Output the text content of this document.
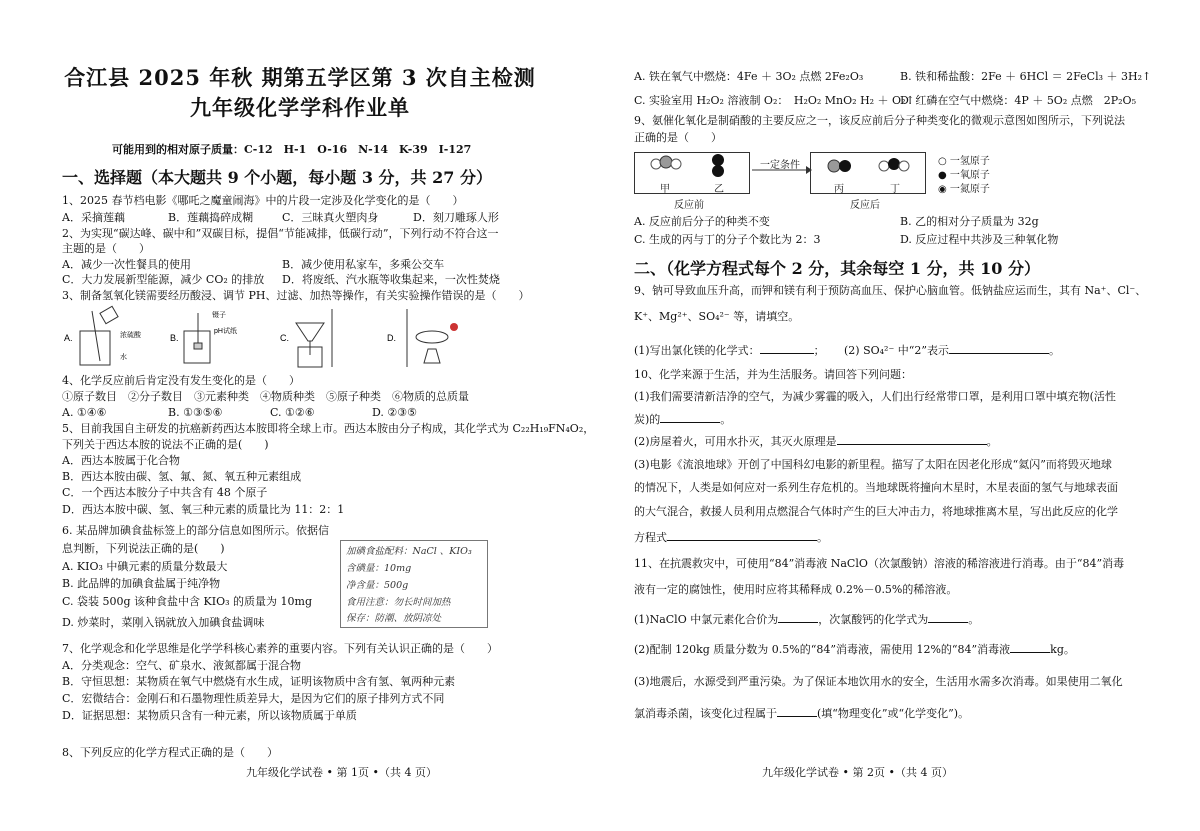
合江县 2025 年秋 期第五学区第 3 次自主检测
九年级化学学科作业单
可能用到的相对原子质量：C-12　H-1　O-16　N-14　K-39　I-127
一、选择题（本大题共 9 个小题，每小题 3 分，共 27 分）
1、2025 春节档电影《哪吒之魔童闹海》中的片段一定涉及化学变化的是（　　）
A．采摘莲藕	B．莲藕捣碎成糊	C．三昧真火塑肉身	D．刻刀雕琢人形
2、为实现“碳达峰、碳中和”双碳目标，提倡“节能减排，低碳行动”，下列行动不符合这一
主题的是（　　）
A．减少一次性餐具的使用	B．减少使用私家车，多乘公交车
C．大力发展新型能源，减少 CO₂ 的排放 D．将废纸、汽水瓶等收集起来，一次性焚烧
3、制备氢氧化镁需要经历酸浸、调节 PH、过滤、加热等操作，有关实验操作错误的是（　　）
A.	浓硫酸
水
B.
镊子
pH试纸
C.	D.
4、化学反应前后肯定没有发生变化的是（　　）
①原子数目　②分子数目　③元素种类　④物质种类　⑤原子种类　⑥物质的总质量
A. ①④⑥	B. ①③⑤⑥	C. ①②⑥	D. ②③⑤
5、目前我国自主研发的抗癌新药西达本胺即将全球上市。西达本胺由分子构成，其化学式为 C₂₂H₁₉FN₄O₂，
下列关于西达本胺的说法不正确的是(　　)
A．西达本胺属于化合物
B．西达本胺由碳、氢、氟、氮、氧五种元素组成
C．一个西达本胺分子中共含有 48 个原子
D．西达本胺中碳、氢、氧三种元素的质量比为 11：2：1
6. 某品牌加碘食盐标签上的部分信息如图所示。依据信
息判断，下列说法正确的是(　　)
A. KIO₃ 中碘元素的质量分数最大
B. 此品牌的加碘食盐属于纯净物
C. 袋装 500g 该种食盐中含 KIO₃ 的质量为 10mg
D. 炒菜时，菜刚入锅就放入加碘食盐调味
加碘食盐配料：NaCl 、KIO₃
含碘量：10mg
净含量：500g
食用注意：勿长时间加热
保存：防潮、放阴凉处
7、化学观念和化学思维是化学学科核心素养的重要内容。下列有关认识正确的是（　　）
A．分类观念：空气、矿泉水、液氮都属于混合物
B．守恒思想：某物质在氧气中燃烧有水生成，证明该物质中含有氢、氧两种元素
C．宏微结合：金刚石和石墨物理性质差异大，是因为它们的原子排列方式不同
D．证据思想：某物质只含有一种元素，所以该物质属于单质
8、下列反应的化学方程式正确的是（　　）
九年级化学试卷 • 第 1页 •（共 4 页）
A. 铁在氧气中燃烧：4Fe ＋ 3O₂ 点燃 2Fe₂O₃	B. 铁和稀盐酸：2Fe ＋ 6HCl ＝ 2FeCl₃ ＋ 3H₂↑
C. 实验室用 H₂O₂ 溶液制 O₂：　H₂O₂ MnO₂ H₂ ＋ O₂↑
D. 红磷在空气中燃烧：4P ＋ 5O₂ 点燃　2P₂O₅
9、氨催化氧化是制硝酸的主要反应之一，该反应前后分子种类变化的微观示意图如图所示，下列说法
正确的是（　　）
甲	乙
一定条件
丙	丁
反应前	反应后
○ 一氢原子
● 一氧原子
◉ 一氮原子
A. 反应前后分子的种类不变	B. 乙的相对分子质量为 32g
C. 生成的丙与丁的分子个数比为 2：3	D. 反应过程中共涉及三种氧化物
二、（化学方程式每个 2 分，其余每空 1 分，共 10 分）
9、钠可导致血压升高，而钾和镁有利于预防高血压、保护心脑血管。低钠盐应运而生，其有 Na⁺、Cl⁻、
K⁺、Mg²⁺、SO₄²⁻ 等，请填空。
(1)写出氯化镁的化学式：	； (2) SO₄²⁻ 中“2”表示	。
10、化学来源于生活，并为生活服务。请回答下列问题：
(1)我们需要清新洁净的空气，为减少雾霾的吸入，人们出行经常带口罩，是利用口罩中填充物(活性
炭)的	。
(2)房屋着火，可用水扑灭，其灭火原理是	。
(3)电影《流浪地球》开创了中国科幻电影的新里程。描写了太阳在因老化形成“氦闪”而将毁灭地球
的情况下，人类是如何应对一系列生存危机的。当地球既将撞向木星时，木星表面的氢气与地球表面
的大气混合，救援人员利用点燃混合气体时产生的巨大冲击力，将地球推离木星，写出此反应的化学
方程式	。
11、在抗震救灾中，可使用“84”消毒液 NaClO（次氯酸钠）溶液的稀溶液进行消毒。由于“84”消毒
液有一定的腐蚀性，使用时应将其稀释成 0.2%－0.5%的稀溶液。
(1)NaClO 中氯元素化合价为	，次氯酸钙的化学式为	。
(2)配制 120kg 质量分数为 0.5%的“84”消毒液，需使用 12%的“84”消毒液	kg。
(3)地震后，水源受到严重污染。为了保证本地饮用水的安全，生活用水需多次消毒。如果使用二氧化
氯消毒杀菌，该变化过程属于	(填“物理变化”或“化学变化”)。
九年级化学试卷 • 第 2页 •（共 4 页）
